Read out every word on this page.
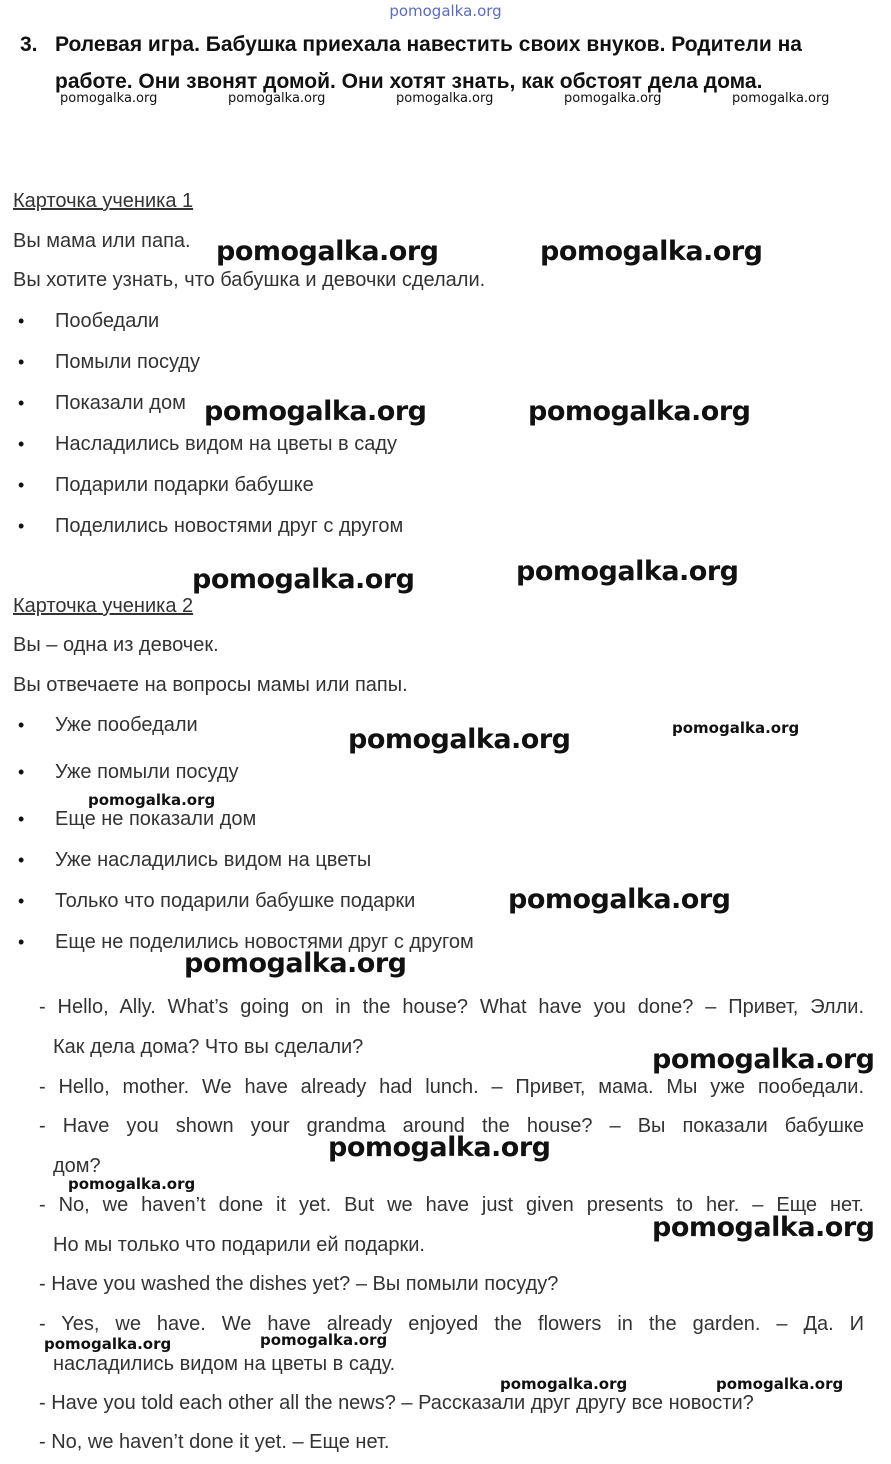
pomogalka.org
3. Ролевая игра. Бабушка приехала навестить своих внуков. Родители на
работе. Они звонят домой. Они хотят знать, как обстоят дела дома.
pomogalka.org	pomogalka.org	pomogalka.org	pomogalka.org	pomogalka.org
Карточка ученика 1
Вы мама или папа.
Вы хотите узнать, что бабушка и девочки сделали.
• Пообедали
• Помыли посуду
• Показали дом
• Насладились видом на цветы в саду
• Подарили подарки бабушке
• Поделились новостями друг с другом
Карточка ученика 2
Вы – одна из девочек.
Вы отвечаете на вопросы мамы или папы.
• Уже пообедали
• Уже помыли посуду
• Еще не показали дом
• Уже насладились видом на цветы
• Только что подарили бабушке подарки
• Еще не поделились новостями друг с другом
- Hello, Ally. What’s going on in the house? What have you done? – Привет, Элли.
Как дела дома? Что вы сделали?
- Hello, mother. We have already had lunch. – Привет, мама. Мы уже пообедали.
- Have you shown your grandma around the house? – Вы показали бабушке
дом?
- No, we haven’t done it yet. But we have just given presents to her. – Еще нет.
Но мы только что подарили ей подарки.
- Have you washed the dishes yet? – Вы помыли посуду?
- Yes, we have. We have already enjoyed the flowers in the garden. – Да. И
насладились видом на цветы в саду.
- Have you told each other all the news? – Рассказали друг другу все новости?
- No, we haven’t done it yet. – Еще нет.
pomogalka.org	pomogalka.org
pomogalka.org	pomogalka.org
pomogalka.org	pomogalka.org
pomogalka.org	pomogalka.org
pomogalka.org
pomogalka.org
pomogalka.org
pomogalka.org
pomogalka.org
pomogalka.org
pomogalka.org
pomogalka.org	pomogalka.org
pomogalka.org	pomogalka.org
